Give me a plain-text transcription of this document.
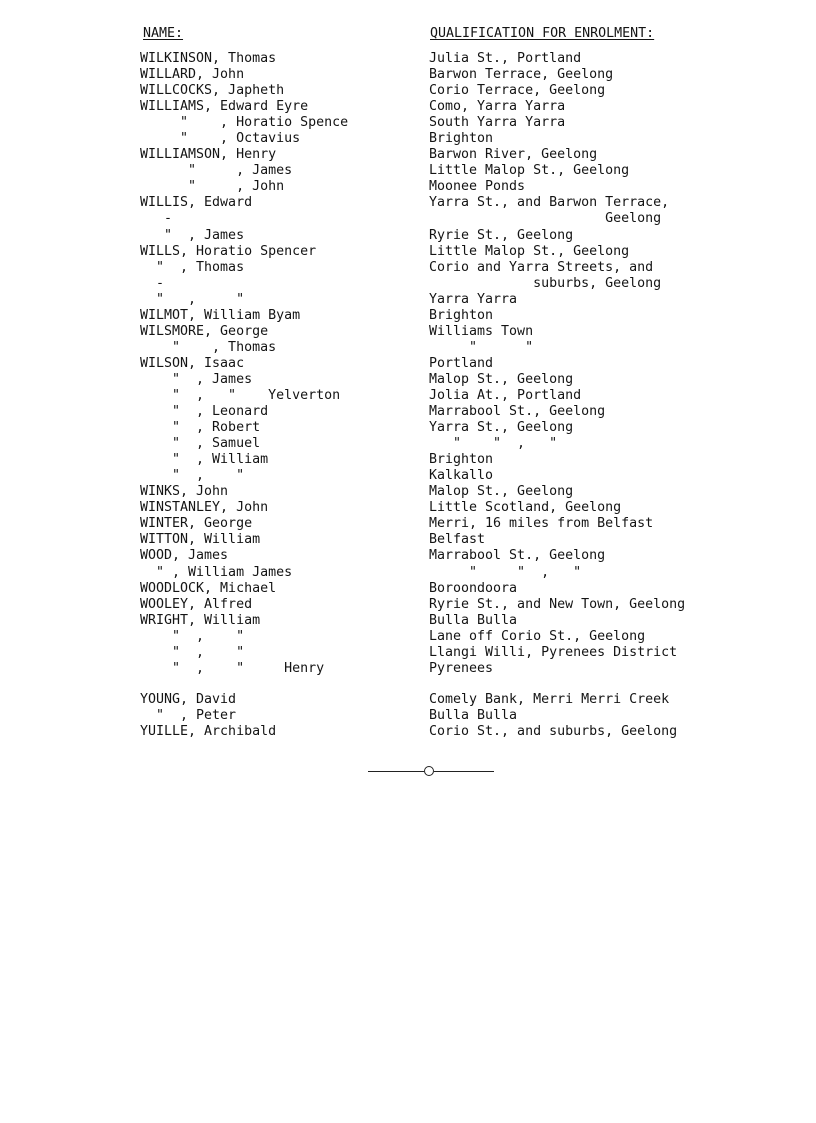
NAME:	QUALIFICATION FOR ENROLMENT:
WILKINSON, Thomas	Julia St., Portland
WILLARD, John	Barwon Terrace, Geelong
WILLCOCKS, Japheth	Corio Terrace, Geelong
WILLIAMS, Edward Eyre	Como, Yarra Yarra
"    , Horatio Spence	South Yarra Yarra
"    , Octavius	Brighton
WILLIAMSON, Henry	Barwon River, Geelong
"     , James	Little Malop St., Geelong
"     , John	Moonee Ponds
WILLIS, Edward	Yarra St., and Barwon Terrace,
-	Geelong
"  , James	Ryrie St., Geelong
WILLS, Horatio Spencer	Little Malop St., Geelong
"  , Thomas	Corio and Yarra Streets, and
-	suburbs, Geelong
"   ,     "	Yarra Yarra
WILMOT, William Byam	Brighton
WILSMORE, George	Williams Town
"    , Thomas	"      "
WILSON, Isaac	Portland
"  , James	Malop St., Geelong
"  ,   "    Yelverton	Jolia At., Portland
"  , Leonard	Marrabool St., Geelong
"  , Robert	Yarra St., Geelong
"  , Samuel	"    "  ,   "
"  , William	Brighton
"  ,    "	Kalkallo
WINKS, John	Malop St., Geelong
WINSTANLEY, John	Little Scotland, Geelong
WINTER, George	Merri, 16 miles from Belfast
WITTON, William	Belfast
WOOD, James	Marrabool St., Geelong
" , William James	"     "  ,   "
WOODLOCK, Michael	Boroondoora
WOOLEY, Alfred	Ryrie St., and New Town, Geelong
WRIGHT, William	Bulla Bulla
"  ,    "	Lane off Corio St., Geelong
"  ,    "	Llangi Willi, Pyrenees District
"  ,    "     Henry	Pyrenees
YOUNG, David	Comely Bank, Merri Merri Creek
"  , Peter	Bulla Bulla
YUILLE, Archibald	Corio St., and suburbs, Geelong
